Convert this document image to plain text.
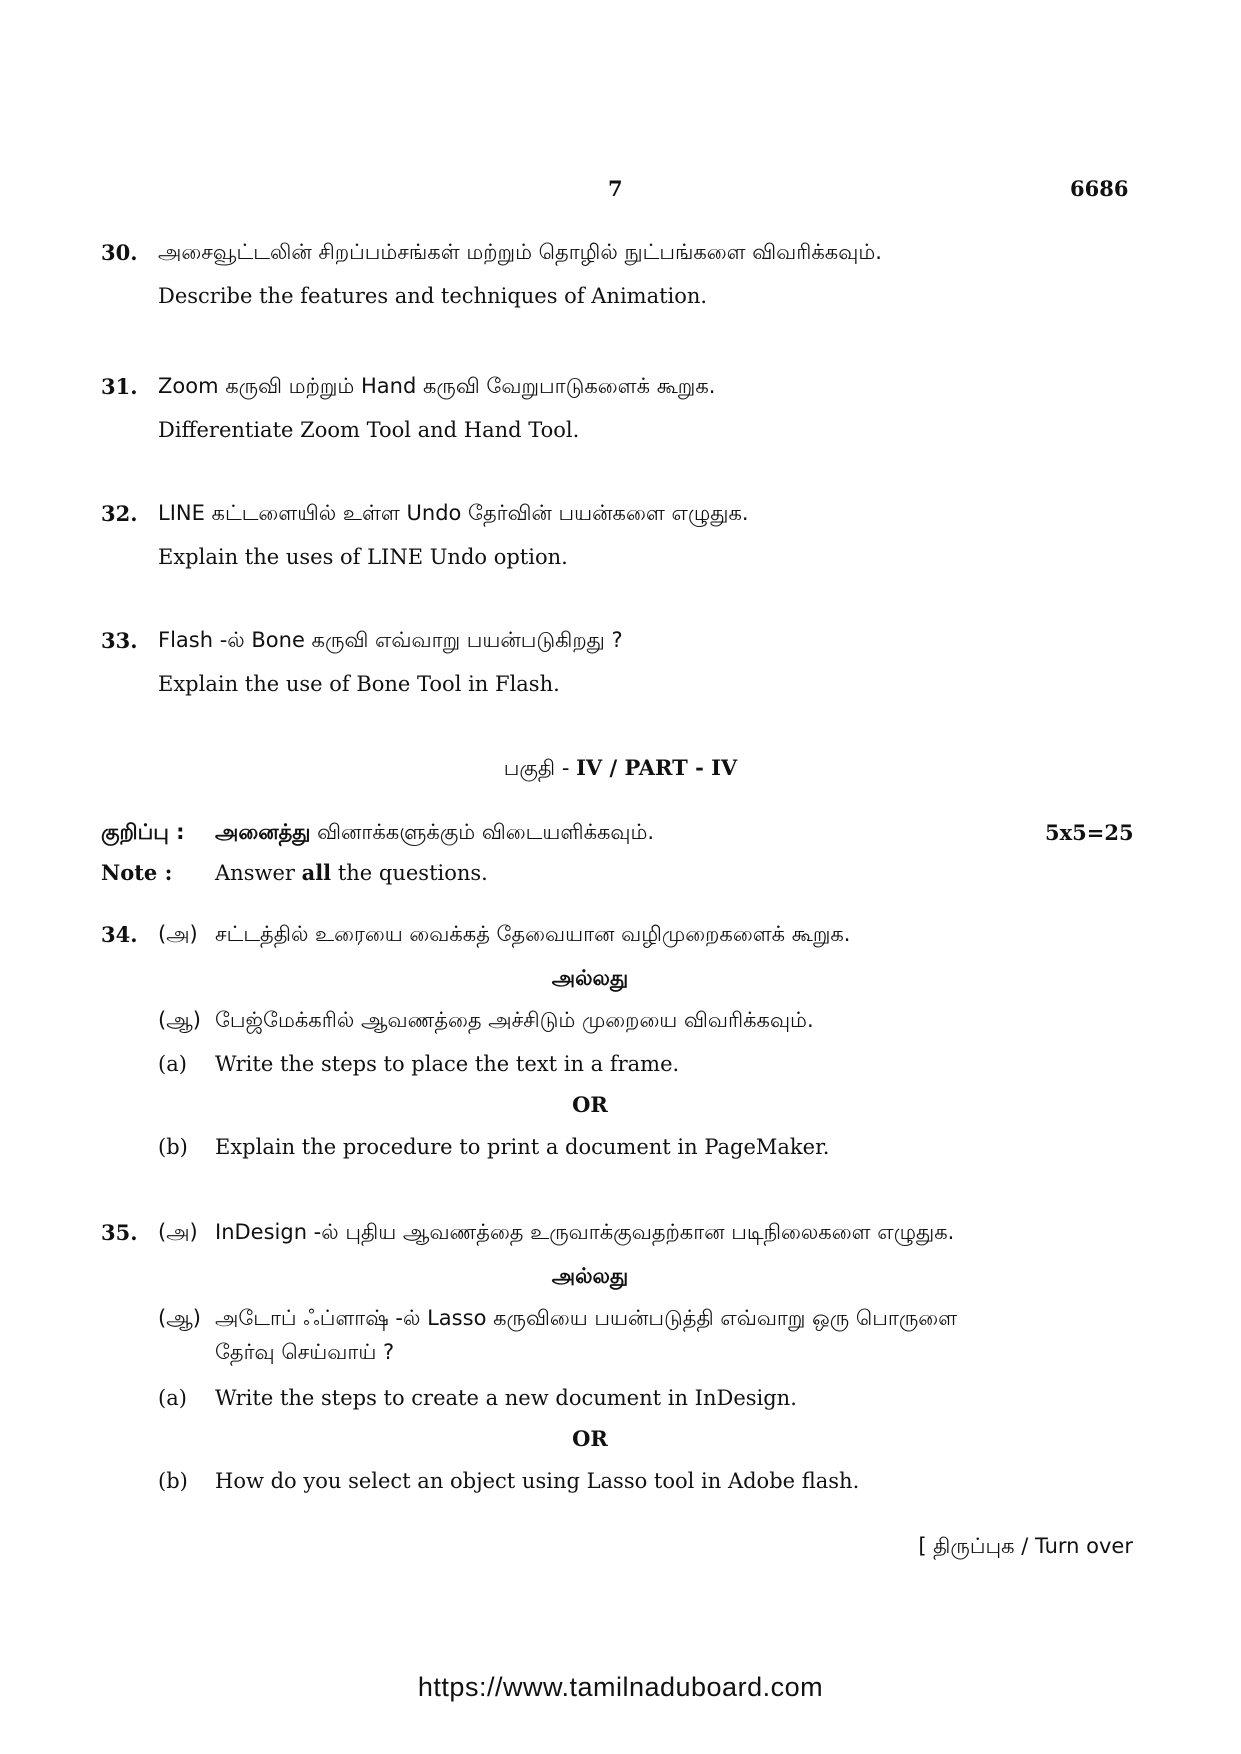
7	6686
30. அசைவூட்டலின் சிறப்பம்சங்கள் மற்றும் தொழில் நுட்பங்களை விவரிக்கவும்.
Describe the features and techniques of Animation.
31. Zoom கருவி மற்றும் Hand கருவி வேறுபாடுகளைக் கூறுக.
Differentiate Zoom Tool and Hand Tool.
32. LINE கட்டளையில் உள்ள Undo தேர்வின் பயன்களை எழுதுக.
Explain the uses of LINE Undo option.
33. Flash -ல் Bone கருவி எவ்வாறு பயன்படுகிறது ?
Explain the use of Bone Tool in Flash.
பகுதி - IV / PART - IV
குறிப்பு : அனைத்து வினாக்களுக்கும் விடையளிக்கவும்.	5x5=25
Note : Answer all the questions.
34. (அ) சட்டத்தில் உரையை வைக்கத் தேவையான வழிமுறைகளைக் கூறுக.
அல்லது
(ஆ) பேஜ்மேக்கரில் ஆவணத்தை அச்சிடும் முறையை விவரிக்கவும்.
(a) Write the steps to place the text in a frame.
OR
(b) Explain the procedure to print a document in PageMaker.
35. (அ) InDesign -ல் புதிய ஆவணத்தை உருவாக்குவதற்கான படிநிலைகளை எழுதுக.
அல்லது
(ஆ) அடோப் ஃப்ளாஷ் -ல் Lasso கருவியை பயன்படுத்தி எவ்வாறு ஒரு பொருளை
தேர்வு செய்வாய் ?
(a) Write the steps to create a new document in InDesign.
OR
(b) How do you select an object using Lasso tool in Adobe flash.
[ திருப்புக / Turn over
https://www.tamilnaduboard.com
